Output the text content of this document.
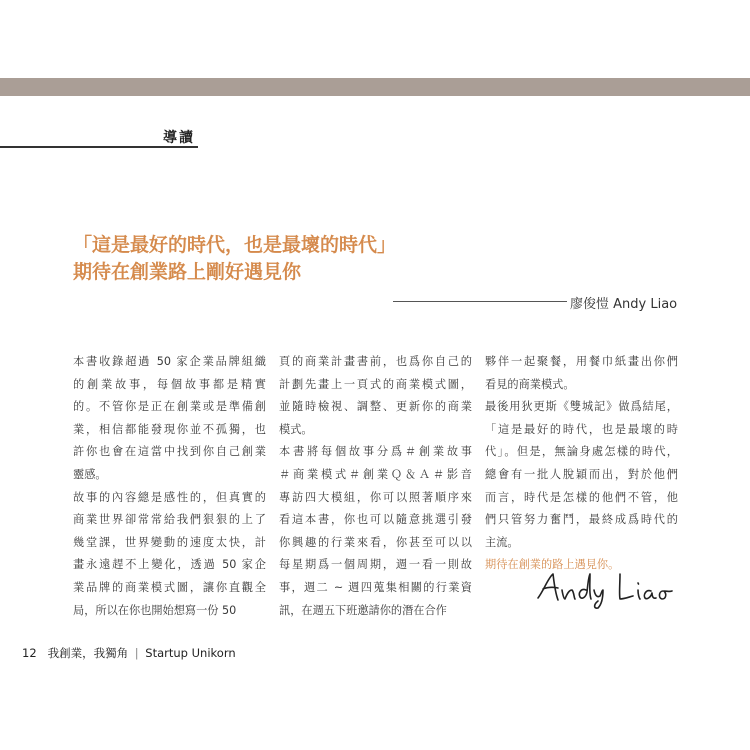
導讀
「這是最好的時代，也是最壞的時代」
期待在創業路上剛好遇見你
廖俊愷 Andy Liao
本書收錄超過 50 家企業品牌組織
的創業故事，每個故事都是精實
的。不管你是正在創業或是準備創
業，相信都能發現你並不孤獨，也
許你也會在這當中找到你自己創業
靈感。
故事的內容總是感性的，但真實的
商業世界卻常常給我們狠狠的上了
幾堂課，世界變動的速度太快，計
畫永遠趕不上變化，透過 50 家企
業品牌的商業模式圖，讓你直觀全
局，所以在你也開始想寫一份 50
頁的商業計畫書前，也爲你自己的
計劃先畫上一頁式的商業模式圖，
並隨時檢視、調整、更新你的商業
模式。
本書將每個故事分爲＃創業故事
＃商業模式＃創業Ｑ＆Ａ＃影音
專訪四大模組，你可以照著順序來
看這本書，你也可以隨意挑選引發
你興趣的行業來看，你甚至可以以
每星期爲一個周期，週一看一則故
事，週二 ~ 週四蒐集相關的行業資
訊，在週五下班邀請你的潛在合作
夥伴一起聚餐，用餐巾紙畫出你們
看見的商業模式。
最後用狄更斯《雙城記》做爲結尾，
「這是最好的時代，也是最壞的時
代」。但是，無論身處怎樣的時代，
總會有一批人脫穎而出，對於他們
而言，時代是怎樣的他們不管，他
們只管努力奮鬥，最終成爲時代的
主流。
期待在創業的路上遇見你。
12 我創業，我獨角 | Startup Unikorn
